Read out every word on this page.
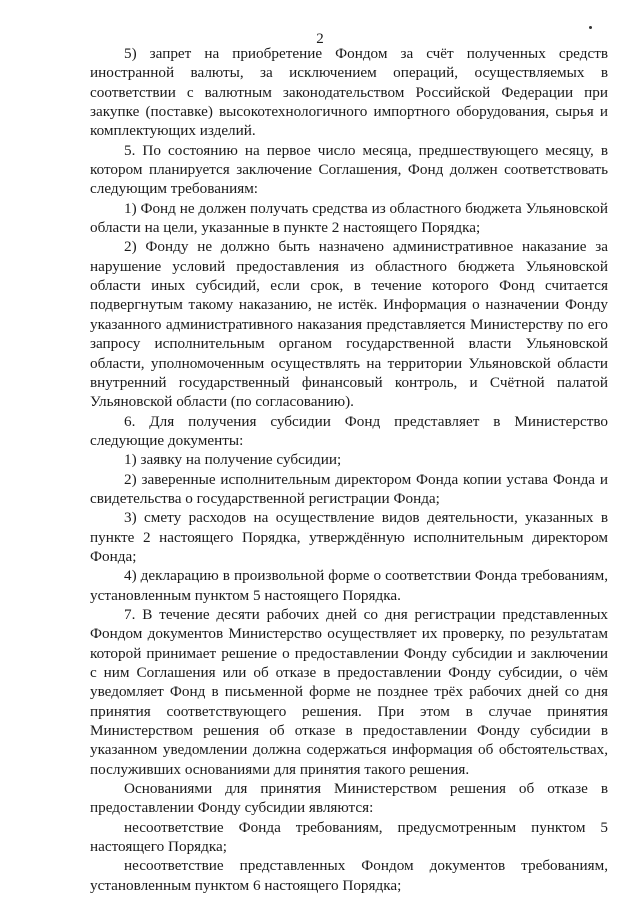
2

5) запрет на приобретение Фондом за счёт полученных средств иностранной валюты, за исключением операций, осуществляемых в соответствии с валютным законодательством Российской Федерации при закупке (поставке) высокотехнологичного импортного оборудования, сырья и комплектующих изделий.

5. По состоянию на первое число месяца, предшествующего месяцу, в котором планируется заключение Соглашения, Фонд должен соответствовать следующим требованиям:

1) Фонд не должен получать средства из областного бюджета Ульяновской области на цели, указанные в пункте 2 настоящего Порядка;

2) Фонду не должно быть назначено административное наказание за нарушение условий предоставления из областного бюджета Ульяновской области иных субсидий, если срок, в течение которого Фонд считается подвергнутым такому наказанию, не истёк. Информация о назначении Фонду указанного административного наказания представляется Министерству по его запросу исполнительным органом государственной власти Ульяновской области, уполномоченным осуществлять на территории Ульяновской области внутренний государственный финансовый контроль, и Счётной палатой Ульяновской области (по согласованию).

6. Для получения субсидии Фонд представляет в Министерство следующие документы:

1) заявку на получение субсидии;

2) заверенные исполнительным директором Фонда копии устава Фонда и свидетельства о государственной регистрации Фонда;

3) смету расходов на осуществление видов деятельности, указанных в пункте 2 настоящего Порядка, утверждённую исполнительным директором Фонда;

4) декларацию в произвольной форме о соответствии Фонда требованиям, установленным пунктом 5 настоящего Порядка.

7. В течение десяти рабочих дней со дня регистрации представленных Фондом документов Министерство осуществляет их проверку, по результатам которой принимает решение о предоставлении Фонду субсидии и заключении с ним Соглашения или об отказе в предоставлении Фонду субсидии, о чём уведомляет Фонд в письменной форме не позднее трёх рабочих дней со дня принятия соответствующего решения. При этом в случае принятия Министерством решения об отказе в предоставлении Фонду субсидии в указанном уведомлении должна содержаться информация об обстоятельствах, послуживших основаниями для принятия такого решения.

Основаниями для принятия Министерством решения об отказе в предоставлении Фонду субсидии являются:

несоответствие Фонда требованиям, предусмотренным пунктом 5 настоящего Порядка;

несоответствие представленных Фондом документов требованиям, установленным пунктом 6 настоящего Порядка;
